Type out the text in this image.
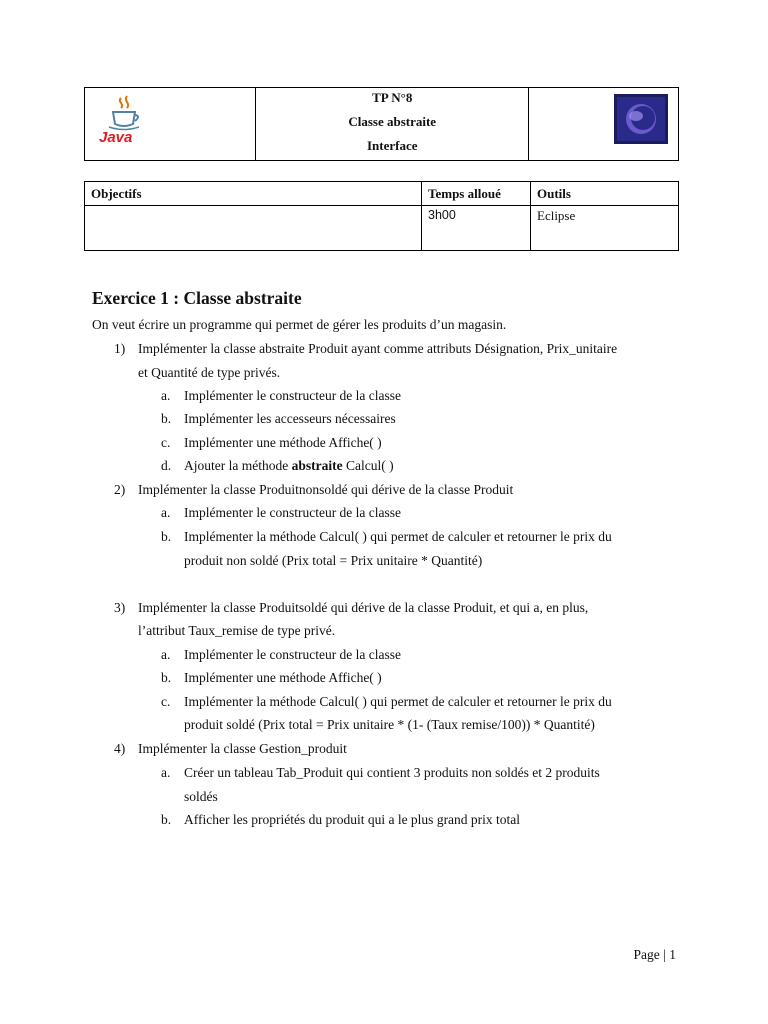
Java

TP N°8
Classe abstraite
Interface

Objectifs	Temps alloué	Outils
	3h00	Eclipse
Exercice 1 : Classe abstraite
On veut écrire un programme qui permet de gérer les produits d’un magasin.
1) Implémenter la classe abstraite Produit ayant comme attributs Désignation, Prix_unitaire
et Quantité de type privés.
a. Implémenter le constructeur de la classe
b. Implémenter les accesseurs nécessaires
c. Implémenter une méthode Affiche( )
d. Ajouter la méthode abstraite Calcul( )
2) Implémenter la classe Produitnonsoldé qui dérive de la classe Produit
a. Implémenter le constructeur de la classe
b. Implémenter la méthode Calcul( ) qui permet de calculer et retourner le prix du
produit non soldé (Prix total = Prix unitaire * Quantité)
3) Implémenter la classe Produitsoldé qui dérive de la classe Produit, et qui a, en plus,
l’attribut Taux_remise de type privé.
a. Implémenter le constructeur de la classe
b. Implémenter une méthode Affiche( )
c. Implémenter la méthode Calcul( ) qui permet de calculer et retourner le prix du
produit soldé (Prix total = Prix unitaire * (1- (Taux remise/100)) * Quantité)
4) Implémenter la classe Gestion_produit
a. Créer un tableau Tab_Produit qui contient 3 produits non soldés et 2 produits
soldés
b. Afficher les propriétés du produit qui a le plus grand prix total
Page | 1
